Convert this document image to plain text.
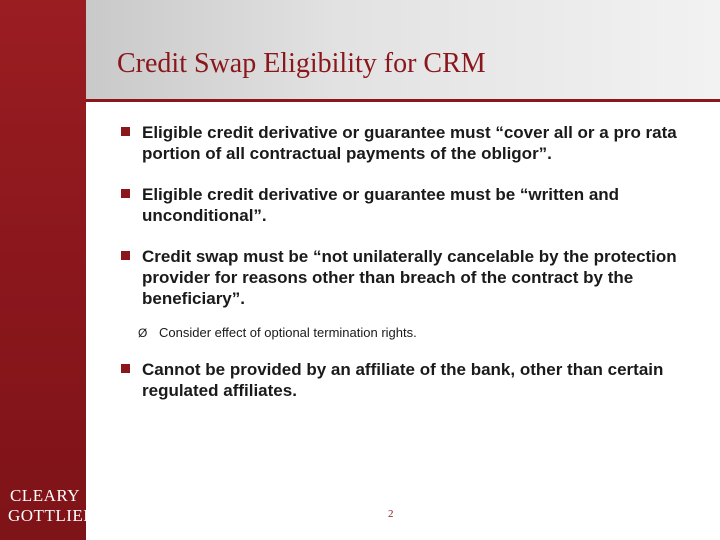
CLEARY
GOTTLIEB
Credit Swap Eligibility for CRM
Eligible credit derivative or guarantee must “cover all or a pro rata portion of all contractual payments of the obligor”.
Eligible credit derivative or guarantee must be “written and unconditional”.
Credit swap must be “not unilaterally cancelable by the protection provider for reasons other than breach of the contract by the beneficiary”.
Ø Consider effect of optional termination rights.
Cannot be provided by an affiliate of the bank, other than certain regulated affiliates.
2
